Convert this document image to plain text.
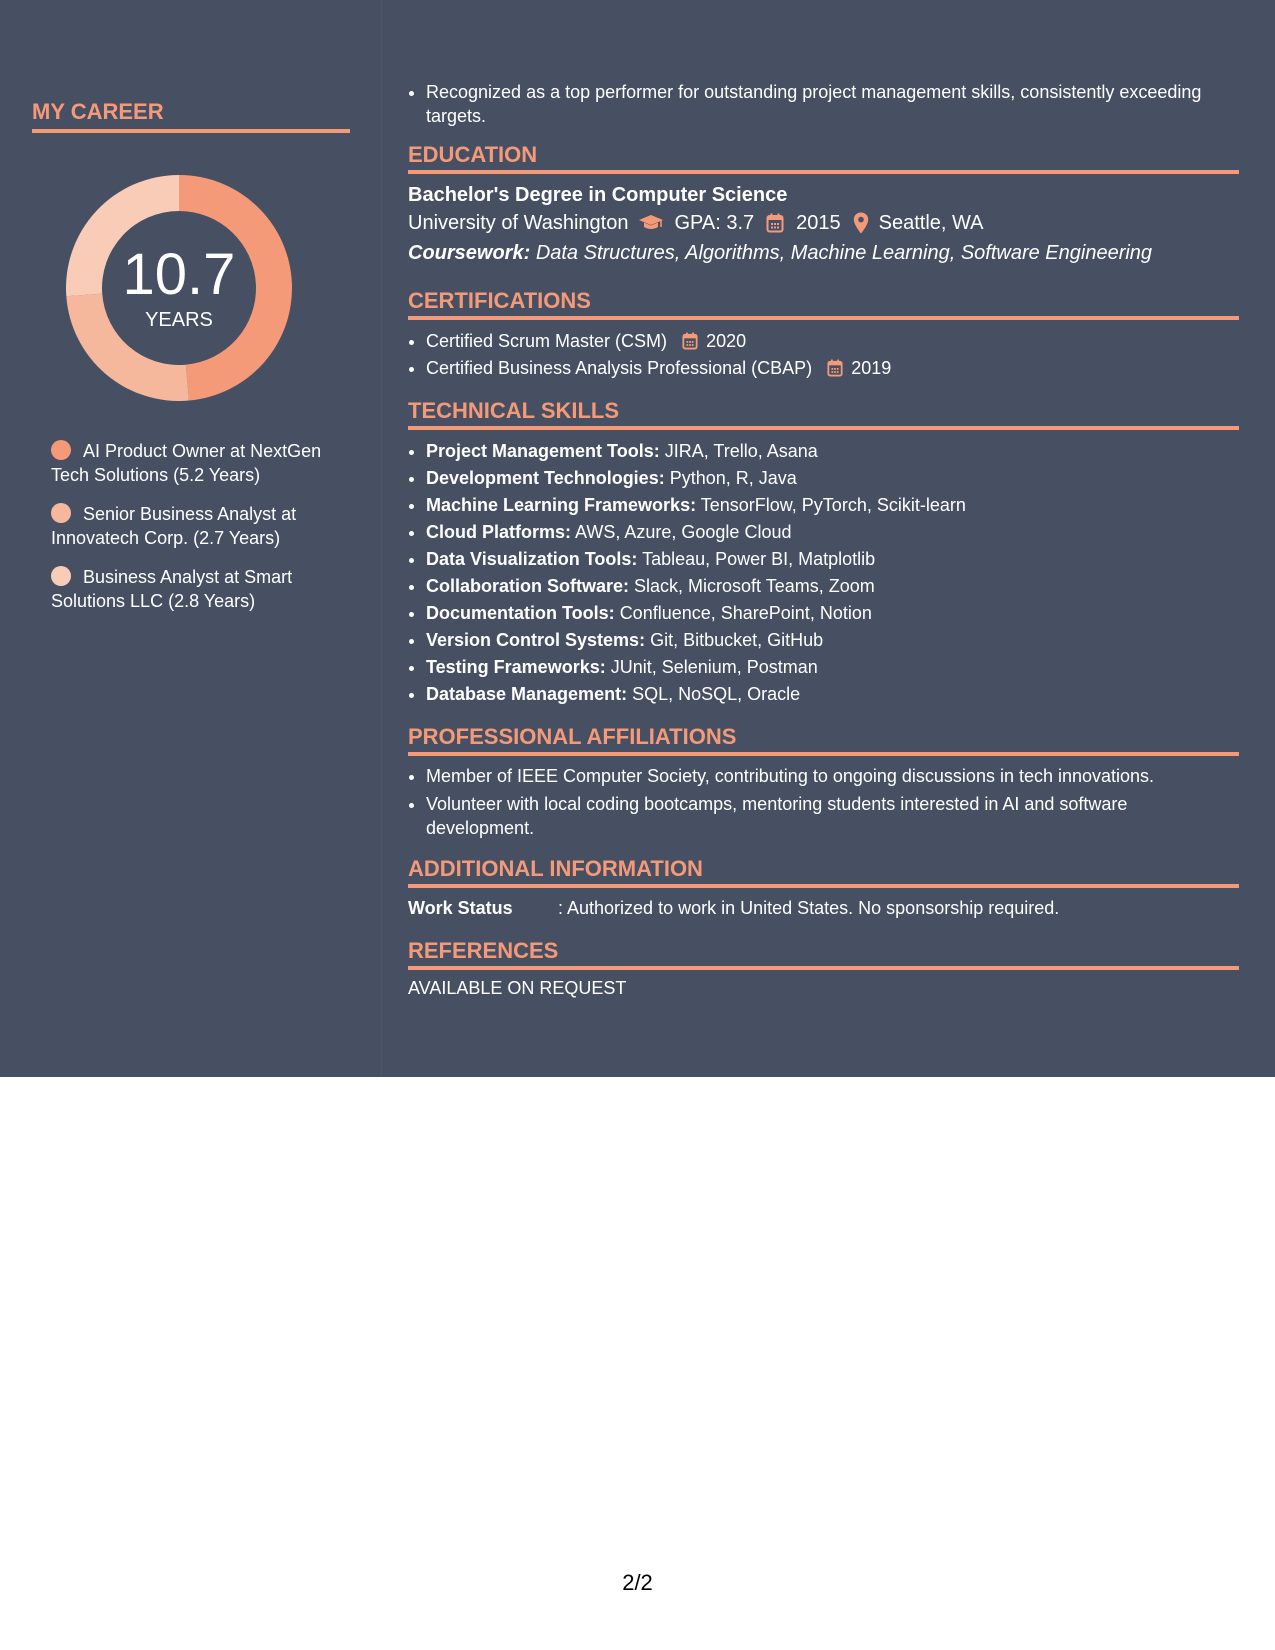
MY CAREER
10.7
YEARS
AI Product Owner at NextGen Tech Solutions (5.2 Years)
Senior Business Analyst at Innovatech Corp. (2.7 Years)
Business Analyst at Smart Solutions LLC (2.8 Years)
• Recognized as a top performer for outstanding project management skills, consistently exceeding targets.
EDUCATION
Bachelor's Degree in Computer Science
University of Washington GPA: 3.7 2015 Seattle, WA
Coursework: Data Structures, Algorithms, Machine Learning, Software Engineering
CERTIFICATIONS
• Certified Scrum Master (CSM) 2020
• Certified Business Analysis Professional (CBAP) 2019
TECHNICAL SKILLS
• Project Management Tools: JIRA, Trello, Asana
• Development Technologies: Python, R, Java
• Machine Learning Frameworks: TensorFlow, PyTorch, Scikit-learn
• Cloud Platforms: AWS, Azure, Google Cloud
• Data Visualization Tools: Tableau, Power BI, Matplotlib
• Collaboration Software: Slack, Microsoft Teams, Zoom
• Documentation Tools: Confluence, SharePoint, Notion
• Version Control Systems: Git, Bitbucket, GitHub
• Testing Frameworks: JUnit, Selenium, Postman
• Database Management: SQL, NoSQL, Oracle
PROFESSIONAL AFFILIATIONS
• Member of IEEE Computer Society, contributing to ongoing discussions in tech innovations.
• Volunteer with local coding bootcamps, mentoring students interested in AI and software development.
ADDITIONAL INFORMATION
Work Status	: Authorized to work in United States. No sponsorship required.
REFERENCES
AVAILABLE ON REQUEST
2/2
